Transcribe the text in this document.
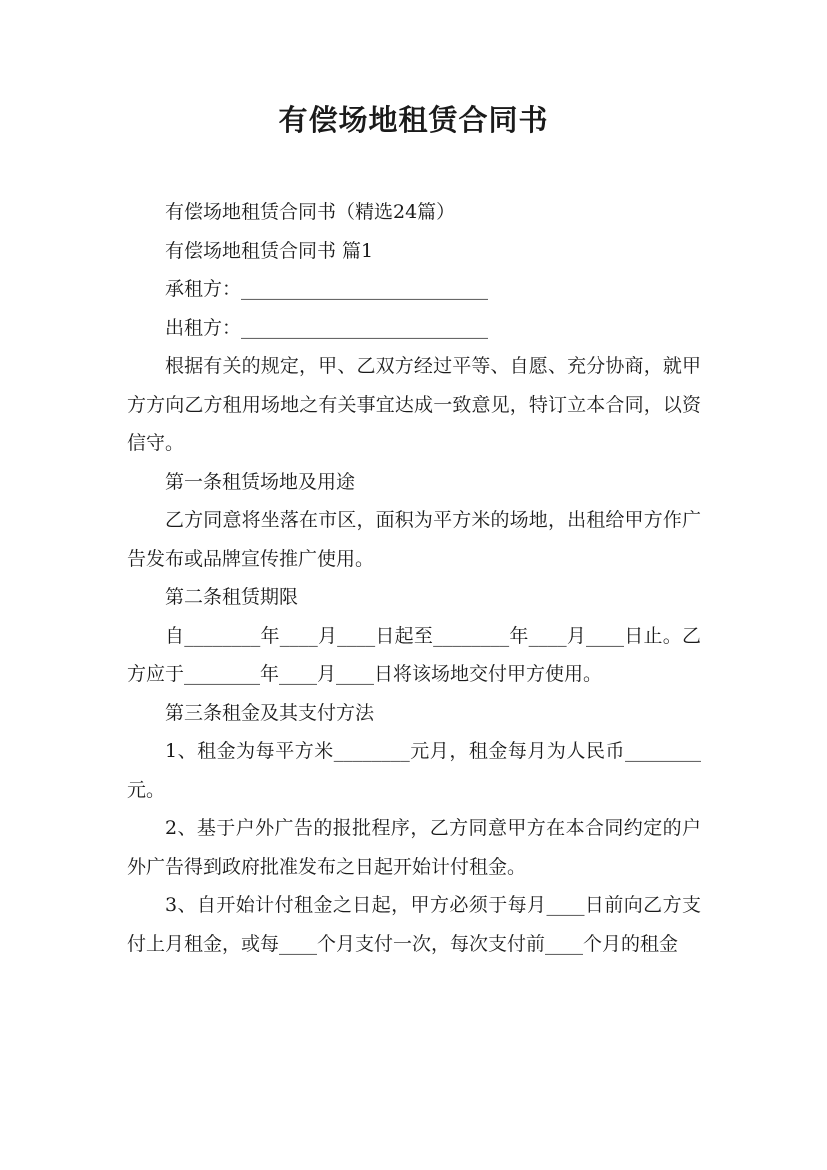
有偿场地租赁合同书

有偿场地租赁合同书（精选24篇）

有偿场地租赁合同书 篇1

承租方：__________________________

出租方：__________________________

根据有关的规定，甲、乙双方经过平等、自愿、充分协商，就甲方方向乙方租用场地之有关事宜达成一致意见，特订立本合同，以资信守。

第一条租赁场地及用途

乙方同意将坐落在市区，面积为平方米的场地，出租给甲方作广告发布或品牌宣传推广使用。

第二条租赁期限

自________年____月____日起至________年____月____日止。乙方应于________年____月____日将该场地交付甲方使用。

第三条租金及其支付方法

1、租金为每平方米________元月，租金每月为人民币________元。

2、基于户外广告的报批程序，乙方同意甲方在本合同约定的户外广告得到政府批准发布之日起开始计付租金。

3、自开始计付租金之日起，甲方必须于每月____日前向乙方支付上月租金，或每____个月支付一次，每次支付前____个月的租金
